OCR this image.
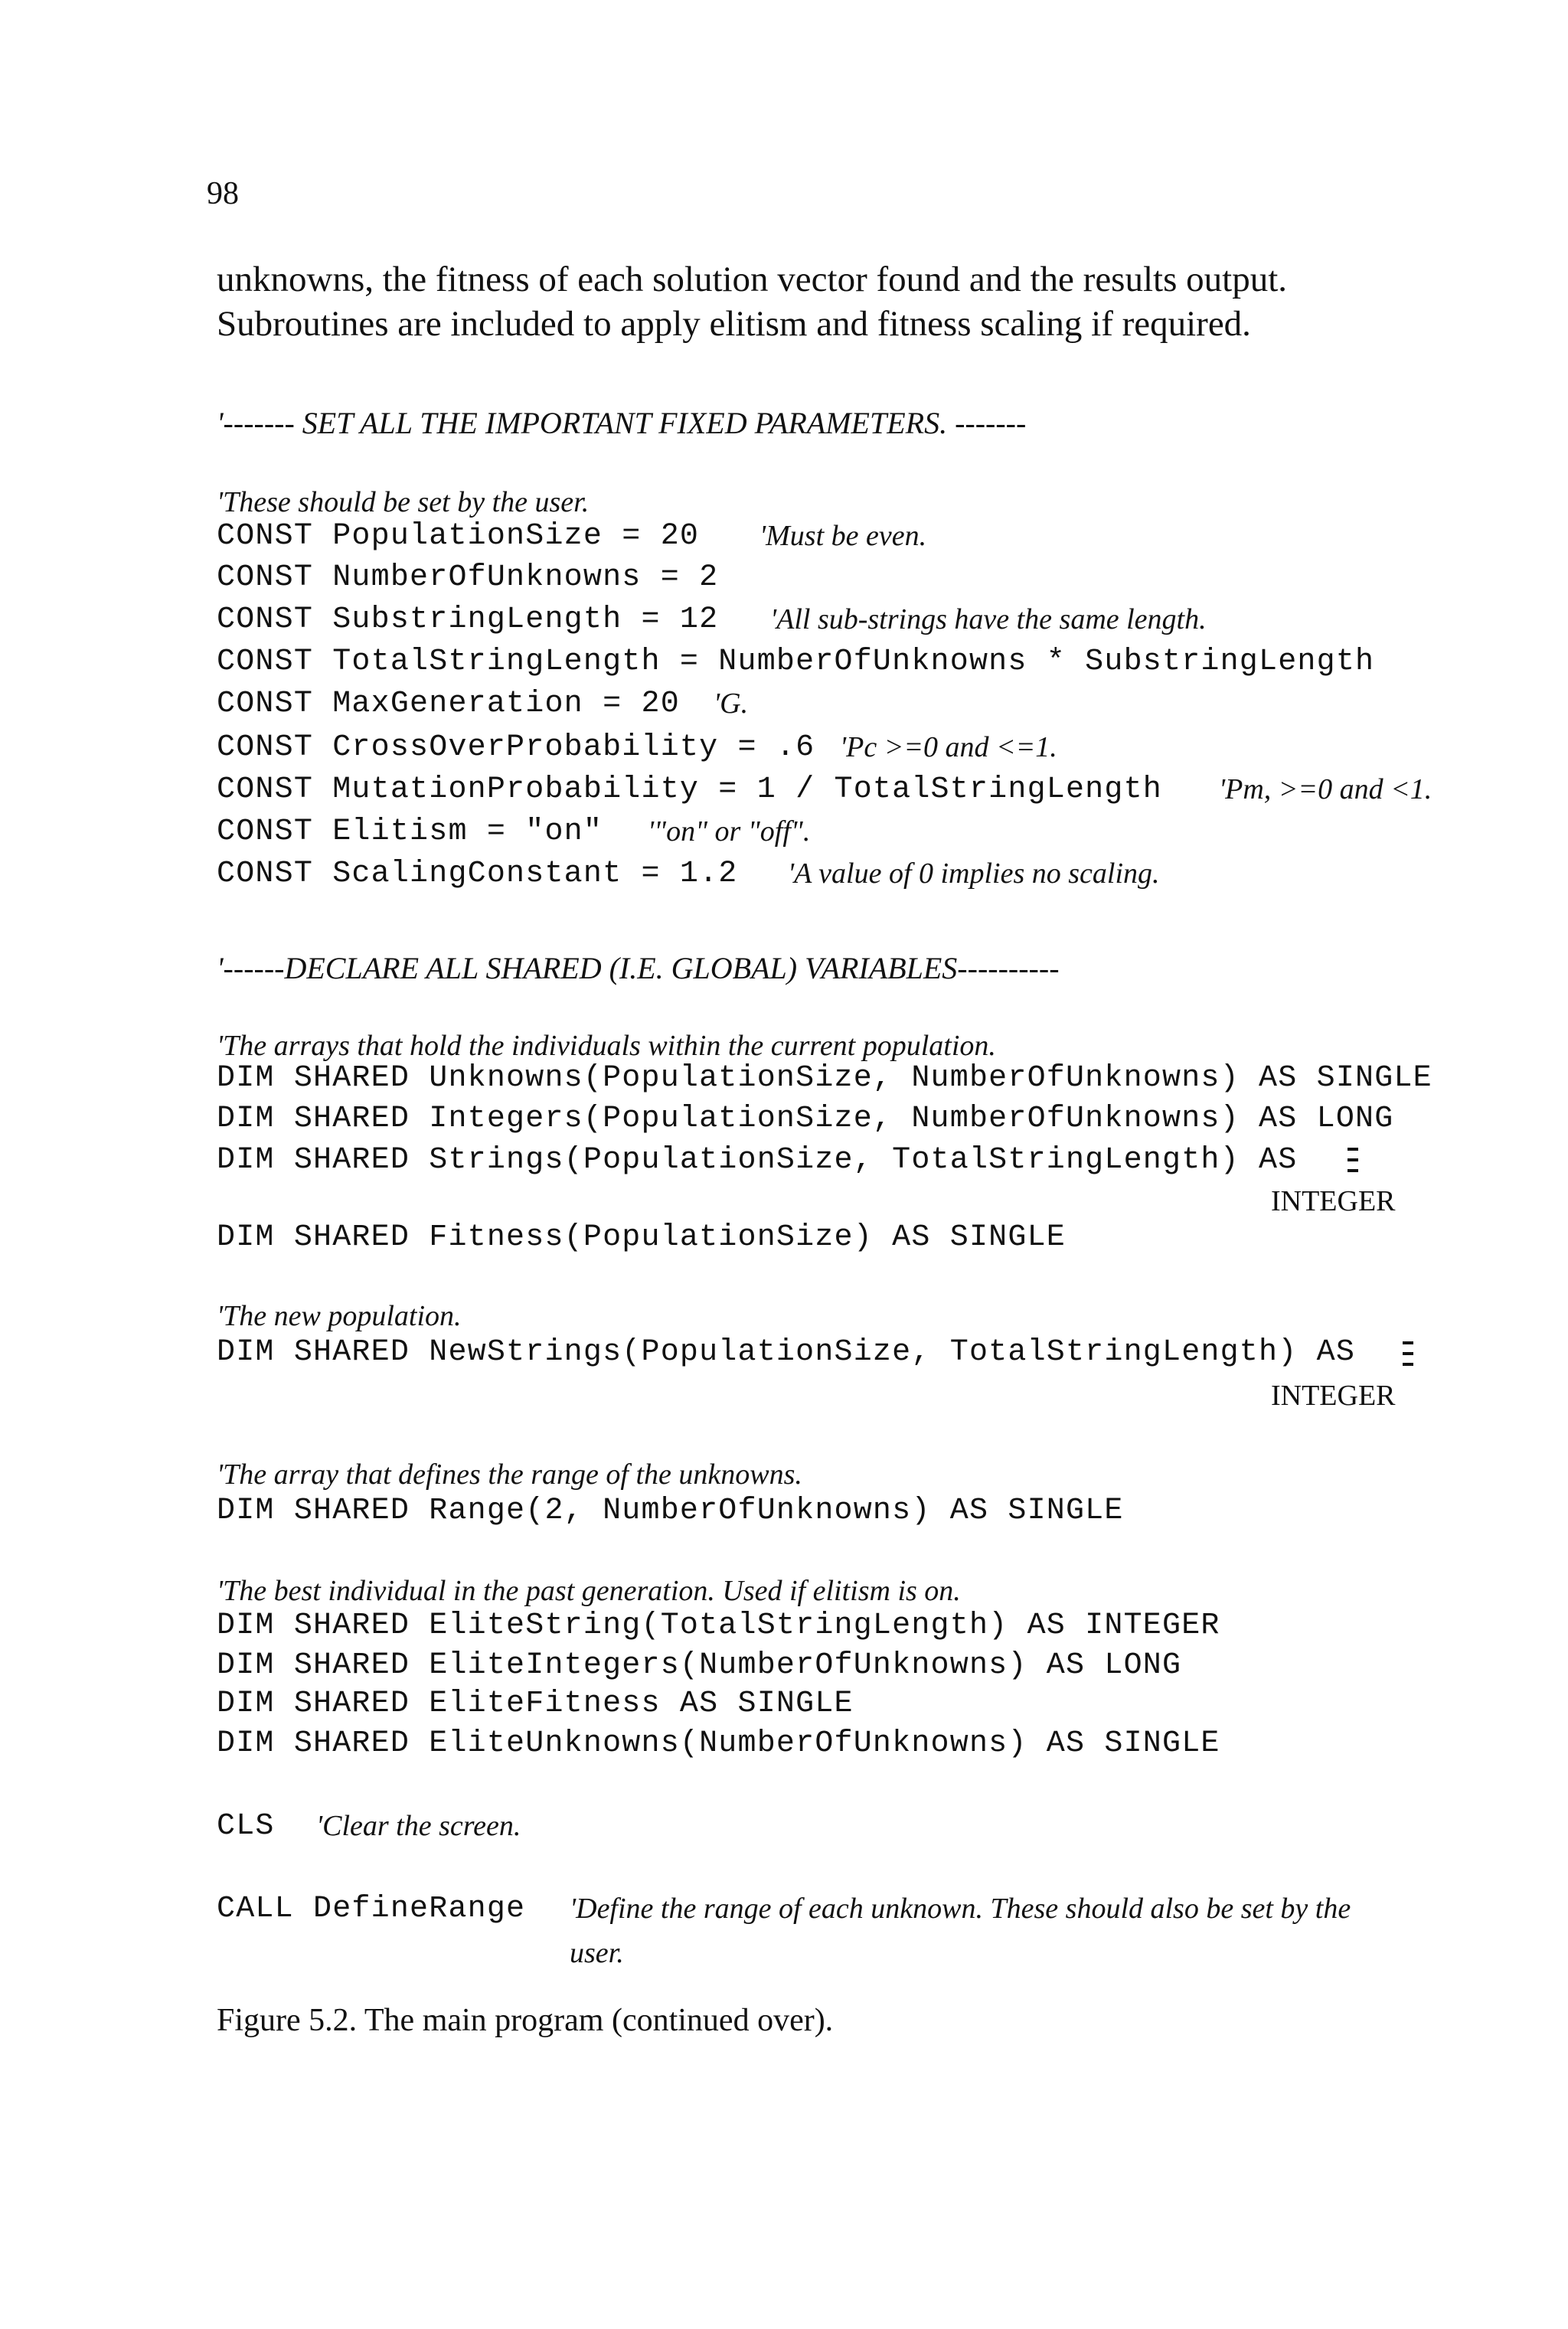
98
unknowns, the fitness of each solution vector found and the results output.
Subroutines are included to apply elitism and fitness scaling if required.
'------- SET ALL THE IMPORTANT FIXED PARAMETERS. -------
'These should be set by the user.
CONST PopulationSize = 20 'Must be even.
CONST NumberOfUnknowns = 2
CONST SubstringLength = 12 'All sub-strings have the same length.
CONST TotalStringLength = NumberOfUnknowns * SubstringLength
CONST MaxGeneration = 20 'G.
CONST CrossOverProbability = .6 'Pc >=0 and <=1.
CONST MutationProbability = 1 / TotalStringLength 'Pm, >=0 and <1.
CONST Elitism = "on" '"on" or "off".
CONST ScalingConstant = 1.2 'A value of 0 implies no scaling.
'------DECLARE ALL SHARED (I.E. GLOBAL) VARIABLES----------
'The arrays that hold the individuals within the current population.
DIM SHARED Unknowns(PopulationSize, NumberOfUnknowns) AS SINGLE
DIM SHARED Integers(PopulationSize, NumberOfUnknowns) AS LONG
DIM SHARED Strings(PopulationSize, TotalStringLength) AS

INTEGER
DIM SHARED Fitness(PopulationSize) AS SINGLE
'The new population.
DIM SHARED NewStrings(PopulationSize, TotalStringLength) AS

INTEGER
'The array that defines the range of the unknowns.
DIM SHARED Range(2, NumberOfUnknowns) AS SINGLE
'The best individual in the past generation. Used if elitism is on.
DIM SHARED EliteString(TotalStringLength) AS INTEGER
DIM SHARED EliteIntegers(NumberOfUnknowns) AS LONG
DIM SHARED EliteFitness AS SINGLE
DIM SHARED EliteUnknowns(NumberOfUnknowns) AS SINGLE
CLS 'Clear the screen.
CALL DefineRange 'Define the range of each unknown. These should also be set by the
user.
Figure 5.2. The main program (continued over).
